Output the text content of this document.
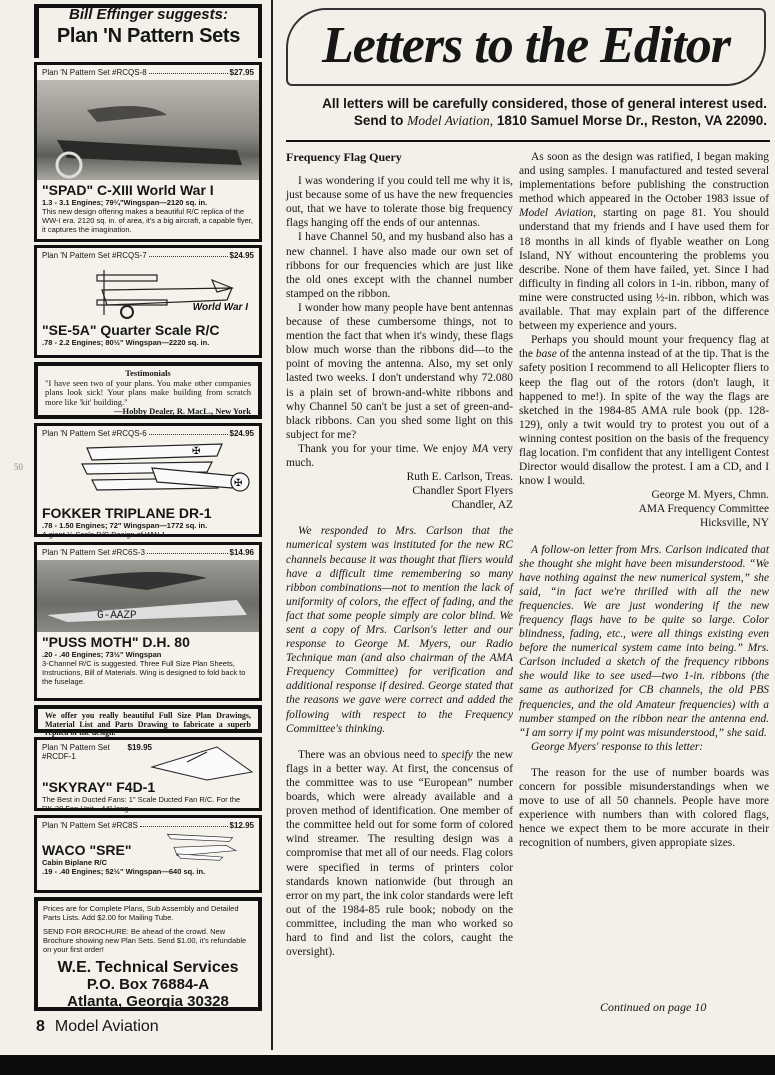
Bill Effinger suggests:
Plan 'N Pattern Sets
Plan 'N Pattern Set #RCQS-8	$27.95
"SPAD" C-XIII World War I
1.3 - 3.1 Engines; 79¼"Wingspan—2120 sq. in.
This new design offering makes a beautiful R/C replica of the WW-I era. 2120 sq. in. of area, it's a big aircraft, a capable flyer, it captures the imagination.
Plan 'N Pattern Set #RCQS-7	$24.95
World War I
"SE-5A" Quarter Scale R/C
.78 - 2.2 Engines; 80½" Wingspan—2220 sq. in.
Testimonials
"I have seen two of your plans. You make other companies plans look sick! Your plans make building from scratch more like 'kit' building."
—Hobby Dealer, R. MacL., New York
Plan 'N Pattern Set #RCQS-6	$24.95
✠
✠
FOKKER TRIPLANE DR-1
.78 - 1.50 Engines; 72" Wingspan—1772 sq. in.
A giant ¼ Scale R/C Design of WW-1
Plan 'N Pattern Set #RC6S-3	$14.96
G-AAZP
"PUSS MOTH" D.H. 80
.20 - .40 Engines; 73½" Wingspan
3-Channel R/C is suggested. Three Full Size Plan Sheets, Instructions, Bill of Materials. Wing is designed to fold back to the fuselage.
We offer you really beautiful Full Size Plan Drawings, Material List and Parts Drawing to fabricate a superb replica of the design.
Plan 'N Pattern Set #RCDF-1
$19.95
"SKYRAY" F4D-1
The Best in Ducted Fans: 1" Scale Ducted Fan R/C. For the RK-20 Fan Unit—44" long.
Plan 'N Pattern Set #RC8S	$12.95
WACO "SRE"
Cabin Biplane R/C
.19 - .40 Engines; 52½" Wingspan—640 sq. in.
Prices are for Complete Plans, Sub Assembly and Detailed Parts Lists. Add $2.00 for Mailing Tube.
SEND FOR BROCHURE: Be ahead of the crowd. New Brochure showing new Plan Sets. Send $1.00, it's refundable on your first order!
W.E. Technical Services
P.O. Box 76884-A
Atlanta, Georgia 30328
8 Model Aviation
50
Letters to the Editor
All letters will be carefully considered, those of general interest used.
Send to Model Aviation, 1810 Samuel Morse Dr., Reston, VA 22090.
Frequency Flag Query

I was wondering if you could tell me why it is, just because some of us have the new frequencies out, that we have to tolerate those big frequency flags hanging off the ends of our antennas.

I have Channel 50, and my husband also has a new channel. I have also made our own set of ribbons for our frequencies which are just like the old ones except with the channel number stamped on the ribbon.

I wonder how many people have bent antennas because of these cumbersome things, not to mention the fact that when it's windy, these flags blow much worse than the ribbons did—to the point of moving the antenna. Also, my set only lasted two weeks. I don't understand why 72.080 is a plain set of brown-and-white ribbons and why Channel 50 can't be just a set of green-and-black ribbons. Can you shed some light on this subject for me?

Thank you for your time. We enjoy MA very much.

Ruth E. Carlson, Treas.
Chandler Sport Flyers
Chandler, AZ

We responded to Mrs. Carlson that the numerical system was instituted for the new RC channels because it was thought that fliers would have a difficult time remembering so many ribbon combinations—not to mention the lack of uniformity of colors, the effect of fading, and the fact that some people simply are color blind. We sent a copy of Mrs. Carlson's letter and our response to George M. Myers, our Radio Technique man (and also chairman of the AMA Frequency Committee) for verification and additional response if desired. George stated that the reasons we gave were correct and added the following with respect to the Frequency Committee's thinking.

There was an obvious need to specify the new flags in a better way. At first, the concensus of the committee was to use “European” number boards, which were already available and a proven method of identification. One member of the committee held out for some form of colored wind streamer. The resulting design was a compromise that met all of our needs. Flag colors were specified in terms of printers color standards known nationwide (but through an error on my part, the ink color standards were left out of the 1984-85 rule book; nobody on the committee, including the man who worked so hard to find and list the colors, caught the oversight).

As soon as the design was ratified, I began making and using samples. I manufactured and tested several implementations before publishing the construction method which appeared in the October 1983 issue of Model Aviation, starting on page 81. You should understand that my friends and I have used them for 18 months in all kinds of flyable weather on Long Island, NY without encountering the problems you describe. None of them have failed, yet. Since I had difficulty in finding all colors in 1-in. ribbon, many of mine were constructed using ½-in. ribbon, which was available. That may explain part of the difference between my experience and yours.

Perhaps you should mount your frequency flag at the base of the antenna instead of at the tip. That is the safety position I recommend to all Helicopter fliers to keep the flag out of the rotors (don't laugh, it happened to me!). In spite of the way the flags are sketched in the 1984-85 AMA rule book (pp. 128-129), only a twit would try to protest you out of a winning contest position on the basis of the frequency flag location. I'm confident that any intelligent Contest Director would disallow the protest. I am a CD, and I know I would.

George M. Myers, Chmn.
AMA Frequency Committee
Hicksville, NY

A follow-on letter from Mrs. Carlson indicated that she thought she might have been misunderstood. “We have nothing against the new numerical system,” she said, “in fact we're thrilled with all the new frequencies. We are just wondering if the new frequency flags have to be quite so large. Color blindness, fading, etc., were all things existing even before the numerical system came into being.” Mrs. Carlson included a sketch of the frequency ribbons she would like to see used—two 1-in. ribbons (the same as authorized for CB channels, the old PBS frequencies, and the old Amateur frequencies) with a number stamped on the ribbon near the antenna end. “I am sorry if my point was misunderstood,” she said.

George Myers' response to this letter:

The reason for the use of number boards was concern for possible misunderstandings when we move to use of all 50 channels. People have more experience with numbers than with colored flags, hence we expect them to be more accurate in their recognition of numbers, given appropiate sizes.

Continued on page 10
